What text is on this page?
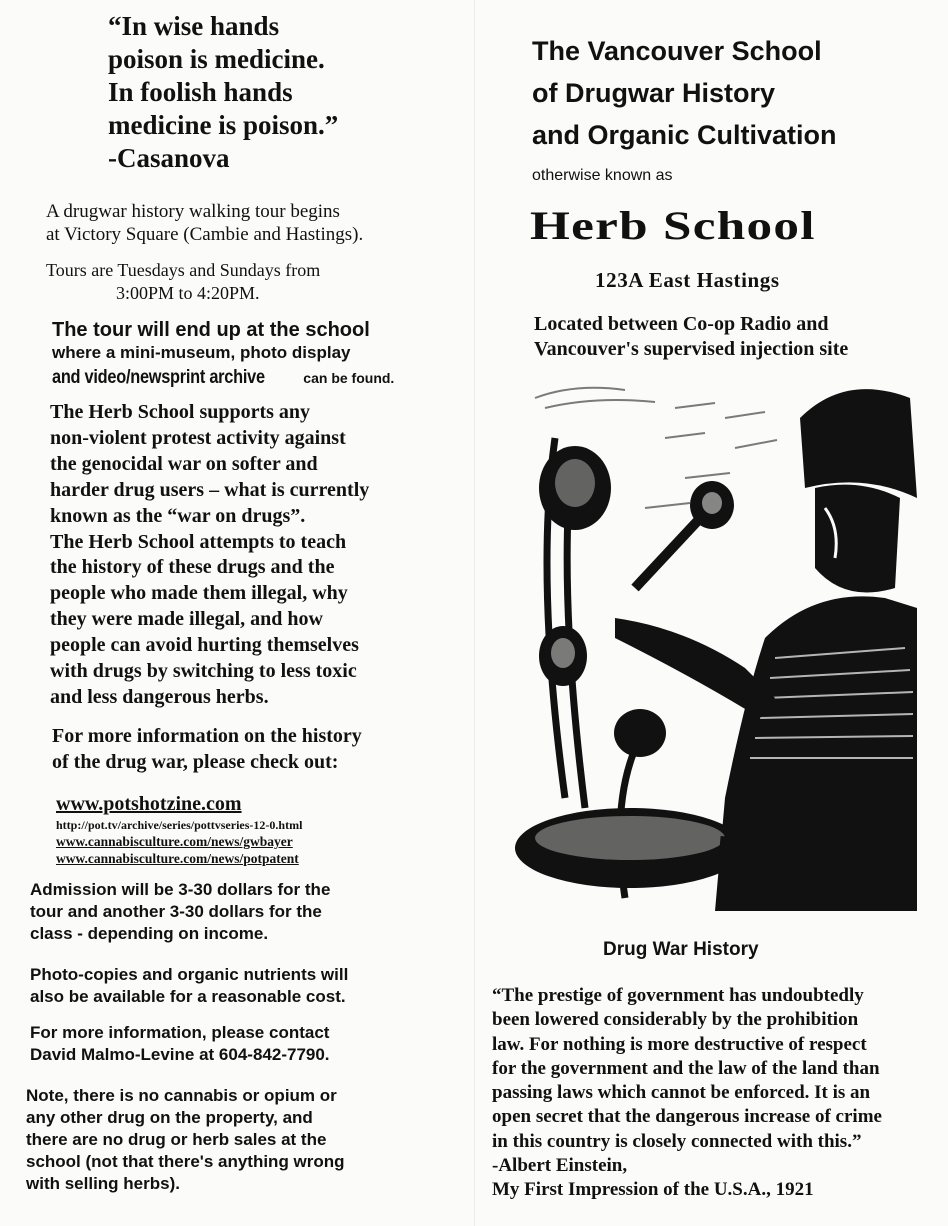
“In wise hands
poison is medicine.
In foolish hands
medicine is poison.”
-Casanova
A drugwar history walking tour begins
at Victory Square (Cambie and Hastings).
Tours are Tuesdays and Sundays from
3:00PM to 4:20PM.
The tour will end up at the school
where a mini-museum, photo display
and video/newsprint archive can be found.
The Herb School supports any
non-violent protest activity against
the genocidal war on softer and
harder drug users – what is currently
known as the “war on drugs”.
The Herb School attempts to teach
the history of these drugs and the
people who made them illegal, why
they were made illegal, and how
people can avoid hurting themselves
with drugs by switching to less toxic
and less dangerous herbs.
For more information on the history
of the drug war, please check out:
www.potshotzine.com
http://pot.tv/archive/series/pottvseries-12-0.html
www.cannabisculture.com/news/gwbayer
www.cannabisculture.com/news/potpatent
Admission will be 3-30 dollars for the
tour and another 3-30 dollars for the
class - depending on income.
Photo-copies and organic nutrients will
also be available for a reasonable cost.
For more information, please contact
David Malmo-Levine at 604-842-7790.
Note, there is no cannabis or opium or
any other drug on the property, and
there are no drug or herb sales at the
school (not that there's anything wrong
with selling herbs).
The Vancouver School
of Drugwar History
and Organic Cultivation
otherwise known as
Herb School
123A East Hastings
Located between Co-op Radio and
Vancouver's supervised injection site
Drug War History
“The prestige of government has undoubtedly
been lowered considerably by the prohibition
law. For nothing is more destructive of respect
for the government and the law of the land than
passing laws which cannot be enforced. It is an
open secret that the dangerous increase of crime
in this country is closely connected with this.”
-Albert Einstein,
My First Impression of the U.S.A., 1921
